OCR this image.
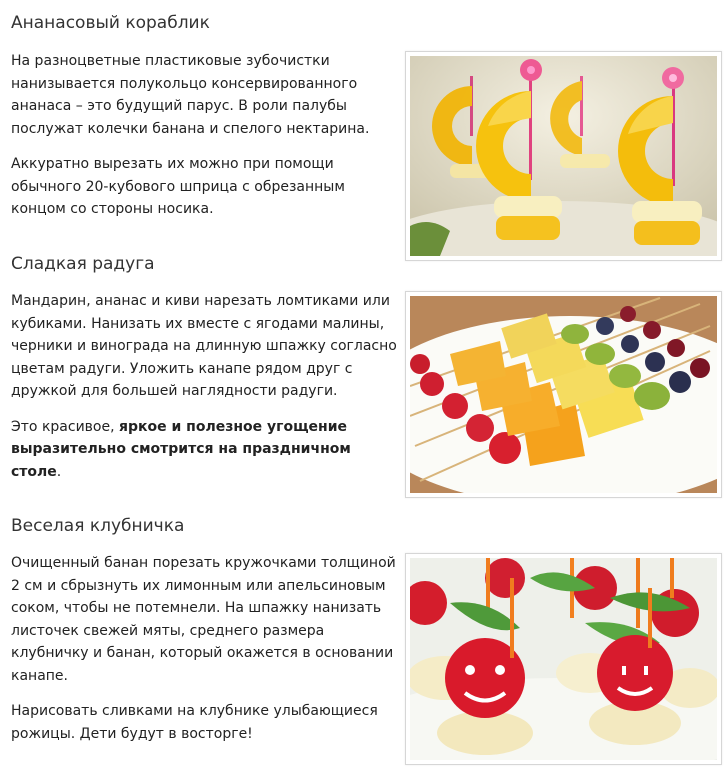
Ананасовый кораблик

На разноцветные пластиковые зубочистки нанизывается полукольцо консервированного ананаса – это будущий парус. В роли палубы послужат колечки банана и спелого нектарина.

Аккуратно вырезать их можно при помощи обычного 20-кубового шприца с обрезанным концом со стороны носика.

Сладкая радуга

Мандарин, ананас и киви нарезать ломтиками или кубиками. Нанизать их вместе с ягодами малины, черники и винограда на длинную шпажку согласно цветам радуги. Уложить канапе рядом друг с дружкой для большей наглядности радуги.

Это красивое, яркое и полезное угощение выразительно смотрится на праздничном столе.

Веселая клубничка

Очищенный банан порезать кружочками толщиной 2 см и сбрызнуть их лимонным или апельсиновым соком, чтобы не потемнели. На шпажку нанизать листочек свежей мяты, среднего размера клубничку и банан, который окажется в основании канапе.

Нарисовать сливками на клубнике улыбающиеся рожицы. Дети будут в восторге!
